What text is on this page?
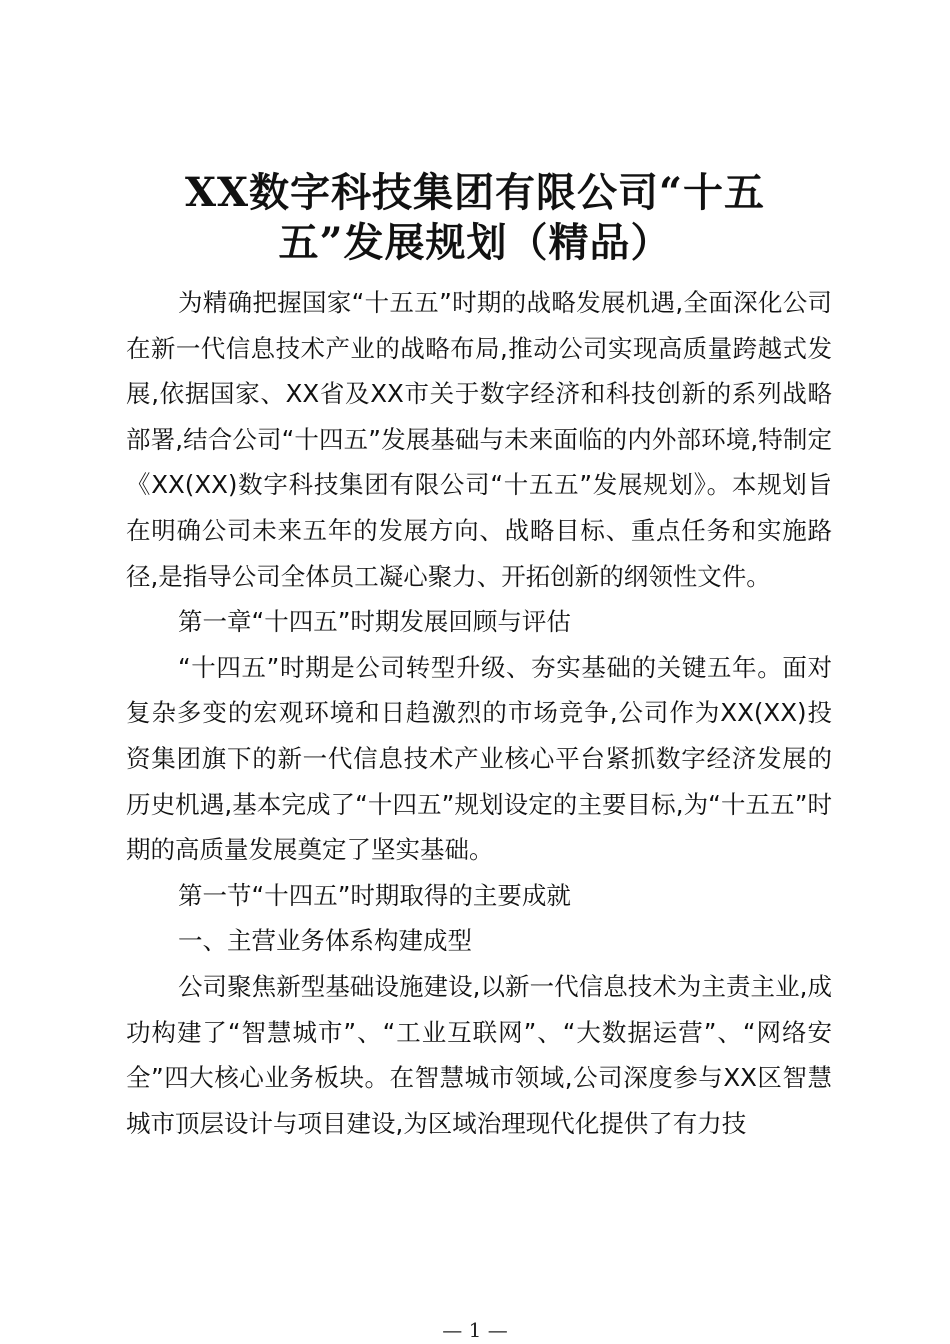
XX数字科技集团有限公司“十五
五”发展规划（精品）

为精确把握国家“十五五”时期的战略发展机遇,全面深化公司在新一代信息技术产业的战略布局,推动公司实现高质量跨越式发展,依据国家、XX省及XX市关于数字经济和科技创新的系列战略部署,结合公司“十四五”发展基础与未来面临的内外部环境,特制定《XX(XX)数字科技集团有限公司“十五五”发展规划》。本规划旨在明确公司未来五年的发展方向、战略目标、重点任务和实施路径,是指导公司全体员工凝心聚力、开拓创新的纲领性文件。

第一章“十四五”时期发展回顾与评估

“十四五”时期是公司转型升级、夯实基础的关键五年。面对复杂多变的宏观环境和日趋激烈的市场竞争,公司作为XX(XX)投资集团旗下的新一代信息技术产业核心平台紧抓数字经济发展的历史机遇,基本完成了“十四五”规划设定的主要目标,为“十五五”时期的高质量发展奠定了坚实基础。

第一节“十四五”时期取得的主要成就

一、主营业务体系构建成型

公司聚焦新型基础设施建设,以新一代信息技术为主责主业,成功构建了“智慧城市”、“工业互联网”、“大数据运营”、“网络安全”四大核心业务板块。在智慧城市领域,公司深度参与XX区智慧城市顶层设计与项目建设,为区域治理现代化提供了有力技

— 1 —
